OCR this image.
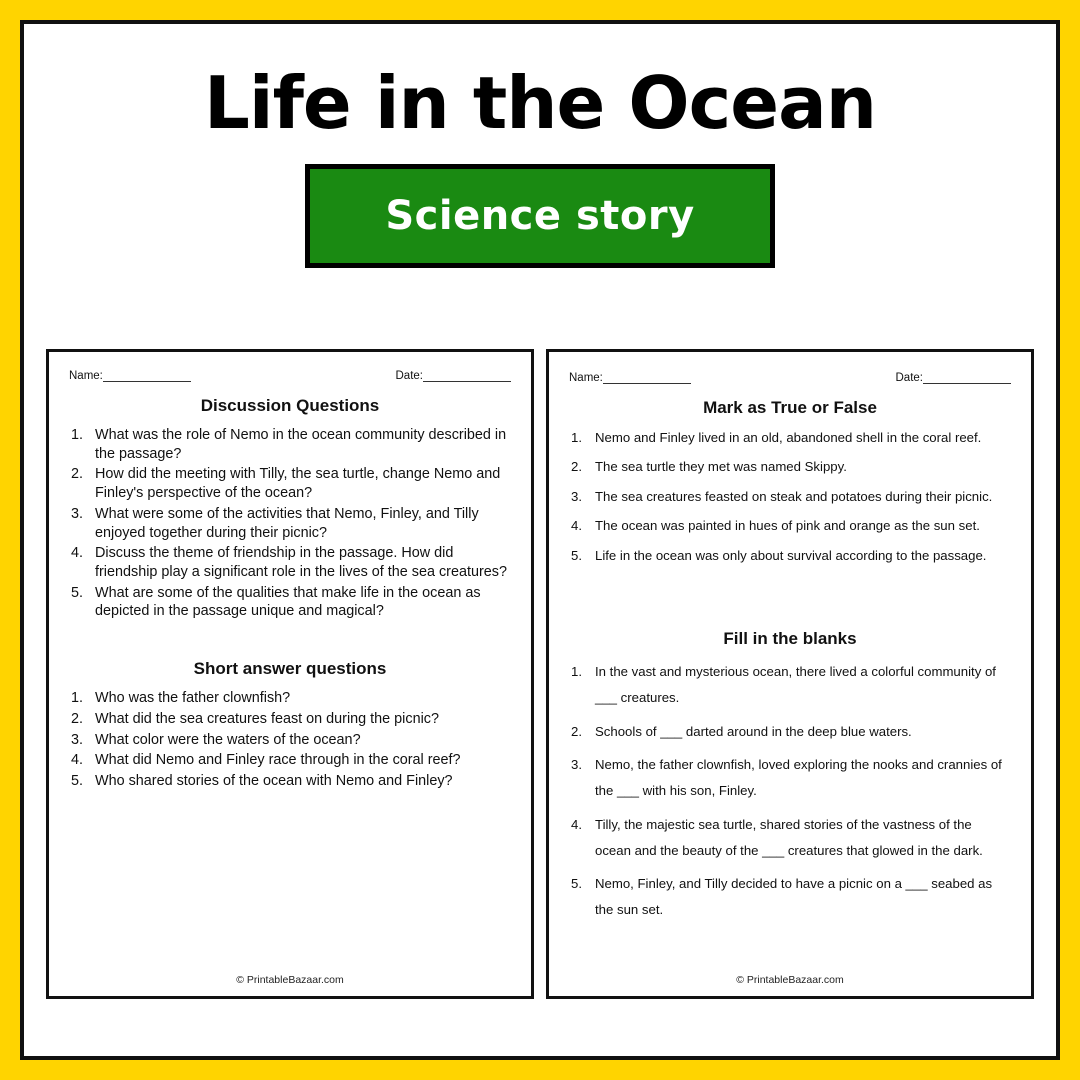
Life in the Ocean
Science story
Name:	Date:
Discussion Questions
What was the role of Nemo in the ocean community described in the passage?
How did the meeting with Tilly, the sea turtle, change Nemo and Finley's perspective of the ocean?
What were some of the activities that Nemo, Finley, and Tilly enjoyed together during their picnic?
Discuss the theme of friendship in the passage. How did friendship play a significant role in the lives of the sea creatures?
What are some of the qualities that make life in the ocean as depicted in the passage unique and magical?
Short answer questions
Who was the father clownfish?
What did the sea creatures feast on during the picnic?
What color were the waters of the ocean?
What did Nemo and Finley race through in the coral reef?
Who shared stories of the ocean with Nemo and Finley?
© PrintableBazaar.com
Name:	Date:
Mark as True or False
Nemo and Finley lived in an old, abandoned shell in the coral reef.
The sea turtle they met was named Skippy.
The sea creatures feasted on steak and potatoes during their picnic.
The ocean was painted in hues of pink and orange as the sun set.
Life in the ocean was only about survival according to the passage.
Fill in the blanks
In the vast and mysterious ocean, there lived a colorful community of ___ creatures.
Schools of ___ darted around in the deep blue waters.
Nemo, the father clownfish, loved exploring the nooks and crannies of the ___ with his son, Finley.
Tilly, the majestic sea turtle, shared stories of the vastness of the ocean and the beauty of the ___ creatures that glowed in the dark.
Nemo, Finley, and Tilly decided to have a picnic on a ___ seabed as the sun set.
© PrintableBazaar.com
